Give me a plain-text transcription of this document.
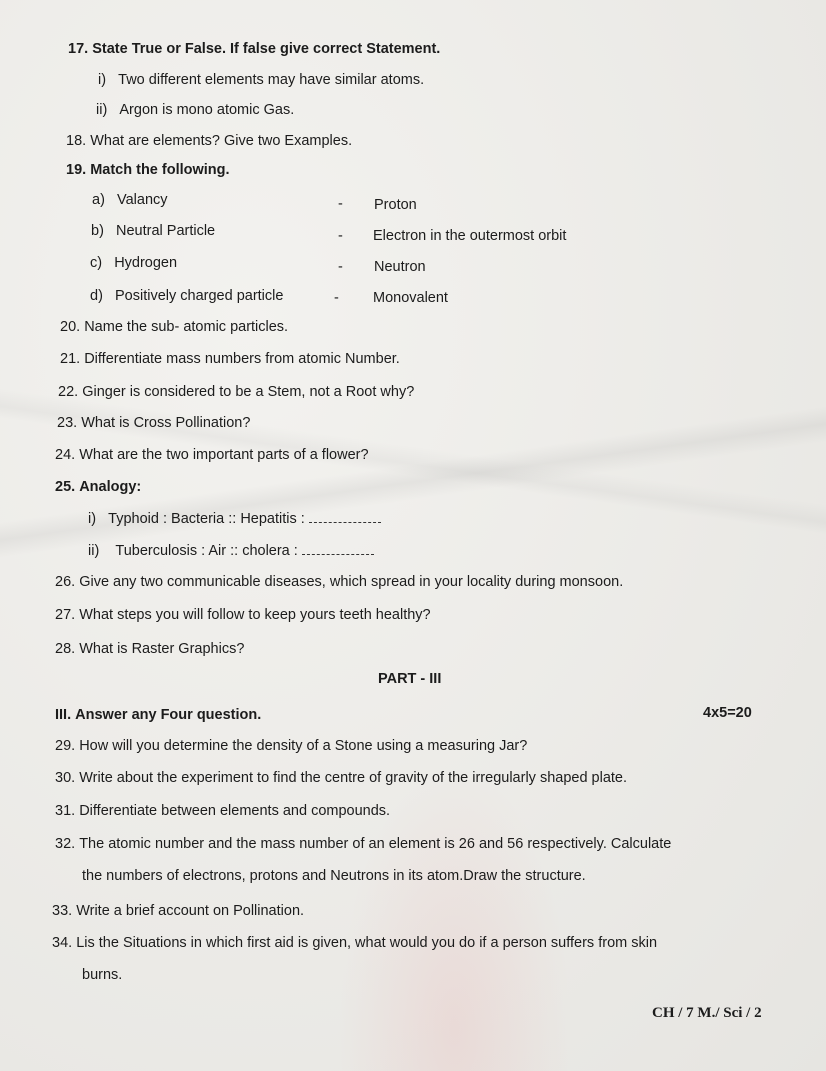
17. State True or False. If false give correct Statement.
i) Two different elements may have similar atoms.
ii) Argon is mono atomic Gas.
18. What are elements? Give two Examples.
19. Match the following.
a) Valancy	- Proton
b) Neutral Particle	- Electron in the outermost orbit
c) Hydrogen	- Neutron
d) Positively charged particle	- Monovalent
20. Name the sub- atomic particles.
21. Differentiate mass numbers from atomic Number.
22. Ginger is considered to be a Stem, not a Root why?
23. What is Cross Pollination?
24. What are the two important parts of a flower?
25. Analogy:
i) Typhoid : Bacteria :: Hepatitis :
ii) Tuberculosis : Air :: cholera :
26. Give any two communicable diseases, which spread in your locality during monsoon.
27. What steps you will follow to keep yours teeth healthy?
28. What is Raster Graphics?
PART - III
III. Answer any Four question.	4x5=20
29. How will you determine the density of a Stone using a measuring Jar?
30. Write about the experiment to find the centre of gravity of the irregularly shaped plate.
31. Differentiate between elements and compounds.
32. The atomic number and the mass number of an element is 26 and 56 respectively. Calculate
the numbers of electrons, protons and Neutrons in its atom.Draw the structure.
33. Write a brief account on Pollination.
34. Lis the Situations in which first aid is given, what would you do if a person suffers from skin
burns.
CH / 7 M./ Sci / 2
